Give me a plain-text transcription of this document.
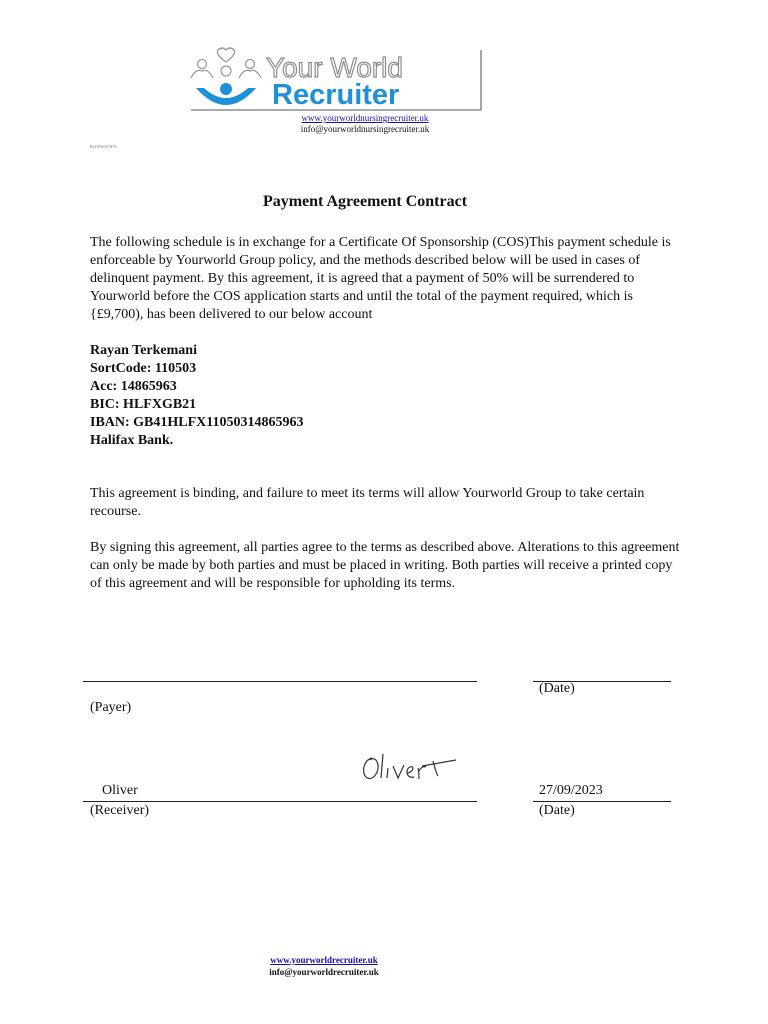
Your World
Recruiter
www.yourworldnursingrecruiter.uk
info@yourworldnursingrecruiter.uk
BoONo007876
Payment Agreement Contract
The following schedule is in exchange for a Certificate Of Sponsorship (COS)This payment schedule is enforceable by Yourworld Group policy, and the methods described below will be used in cases of delinquent payment. By this agreement, it is agreed that a payment of 50% will be surrendered to Yourworld before the COS application starts and until the total of the payment required, which is {£9,700), has been delivered to our below account
Rayan Terkemani
SortCode: 110503
Acc: 14865963
BIC: HLFXGB21
IBAN: GB41HLFX11050314865963
Halifax Bank.
This agreement is binding, and failure to meet its terms will allow Yourworld Group to take certain recourse.
By signing this agreement, all parties agree to the terms as described above. Alterations to this agreement can only be made by both parties and must be placed in writing. Both parties will receive a printed copy of this agreement and will be responsible for upholding its terms.
(Date)
(Payer)
Oliver	27/09/2023
(Receiver)	(Date)
www.yourworldrecruiter.uk
info@yourworldrecruiter.uk
